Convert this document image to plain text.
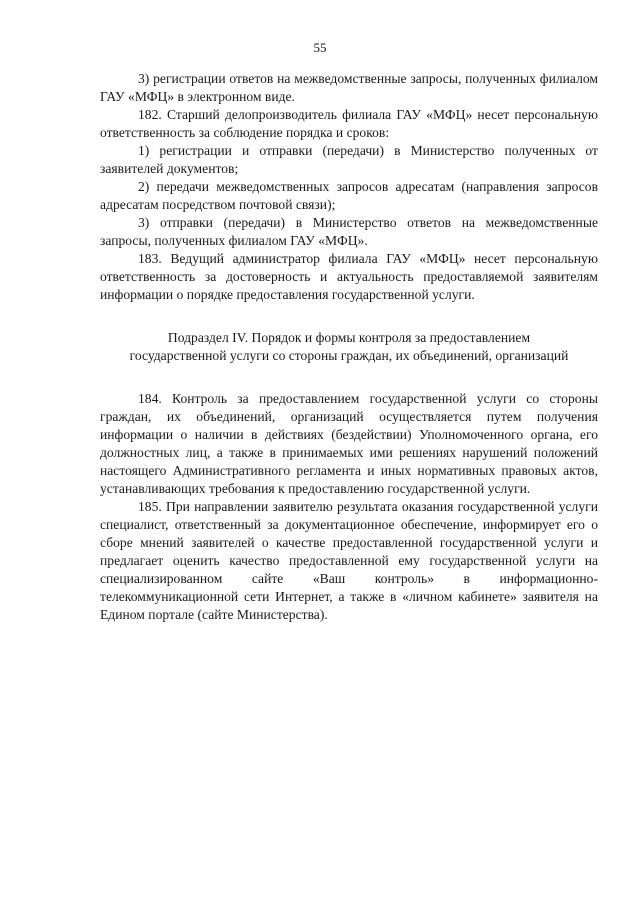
55

3) регистрации ответов на межведомственные запросы, полученных филиалом ГАУ «МФЦ» в электронном виде.

182. Старший делопроизводитель филиала ГАУ «МФЦ» несет персональную ответственность за соблюдение порядка и сроков:

1) регистрации и отправки (передачи) в Министерство полученных от заявителей документов;

2) передачи межведомственных запросов адресатам (направления запросов адресатам посредством почтовой связи);

3) отправки (передачи) в Министерство ответов на межведомственные запросы, полученных филиалом ГАУ «МФЦ».

183. Ведущий администратор филиала ГАУ «МФЦ» несет персональную ответственность за достоверность и актуальность предоставляемой заявителям информации о порядке предоставления государственной услуги.

Подраздел IV. Порядок и формы контроля за предоставлением
государственной услуги со стороны граждан, их объединений, организаций

184. Контроль за предоставлением государственной услуги со стороны граждан, их объединений, организаций осуществляется путем получения информации о наличии в действиях (бездействии) Уполномоченного органа, его должностных лиц, а также в принимаемых ими решениях нарушений положений настоящего Административного регламента и иных нормативных правовых актов, устанавливающих требования к предоставлению государственной услуги.

185. При направлении заявителю результата оказания государственной услуги специалист, ответственный за документационное обеспечение, информирует его о сборе мнений заявителей о качестве предоставленной государственной услуги и предлагает оценить качество предоставленной ему государственной услуги на специализированном сайте «Ваш контроль» в информационно-телекоммуникационной сети Интернет, а также в «личном кабинете» заявителя на Едином портале (сайте Министерства).
